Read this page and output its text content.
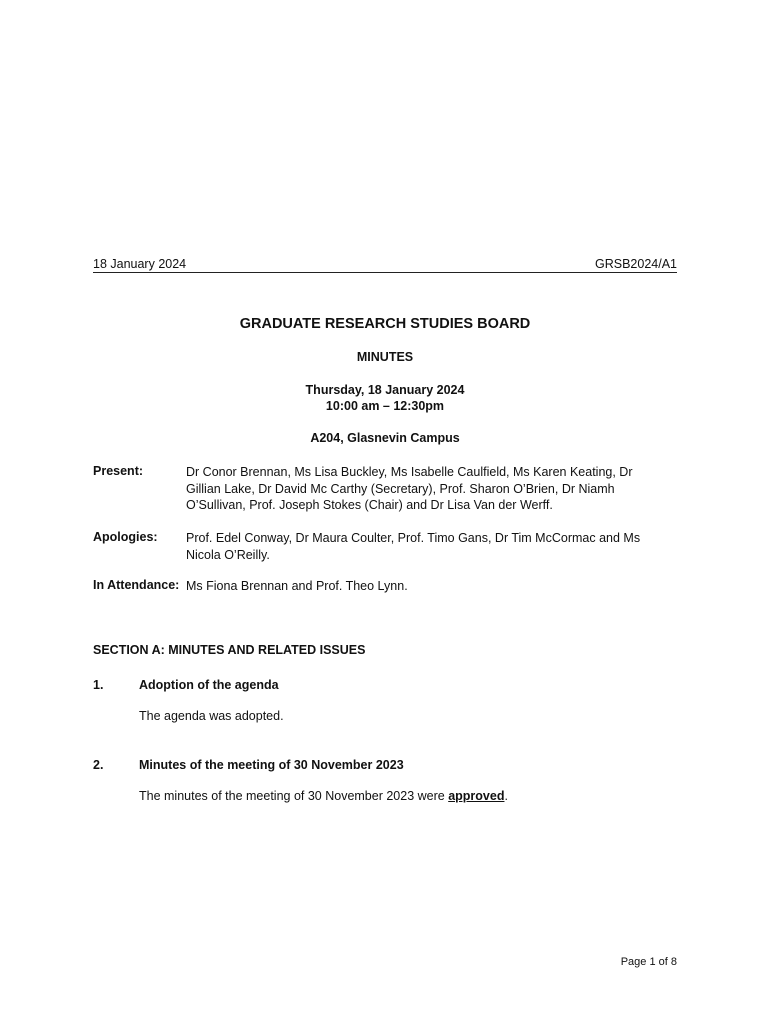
18 January 2024	GRSB2024/A1
GRADUATE RESEARCH STUDIES BOARD
MINUTES
Thursday, 18 January 2024
10:00 am – 12:30pm
A204, Glasnevin Campus
Present:	Dr Conor Brennan, Ms Lisa Buckley, Ms Isabelle Caulfield, Ms Karen Keating, Dr Gillian Lake, Dr David Mc Carthy (Secretary), Prof. Sharon O’Brien, Dr Niamh O’Sullivan, Prof. Joseph Stokes (Chair) and Dr Lisa Van der Werff.
Apologies: Prof. Edel Conway, Dr Maura Coulter, Prof. Timo Gans, Dr Tim McCormac and Ms Nicola O’Reilly.
In Attendance: Ms Fiona Brennan and Prof. Theo Lynn.
SECTION A: MINUTES AND RELATED ISSUES
1.	Adoption of the agenda
The agenda was adopted.
2.	Minutes of the meeting of 30 November 2023
The minutes of the meeting of 30 November 2023 were approved.
Page 1 of 8
